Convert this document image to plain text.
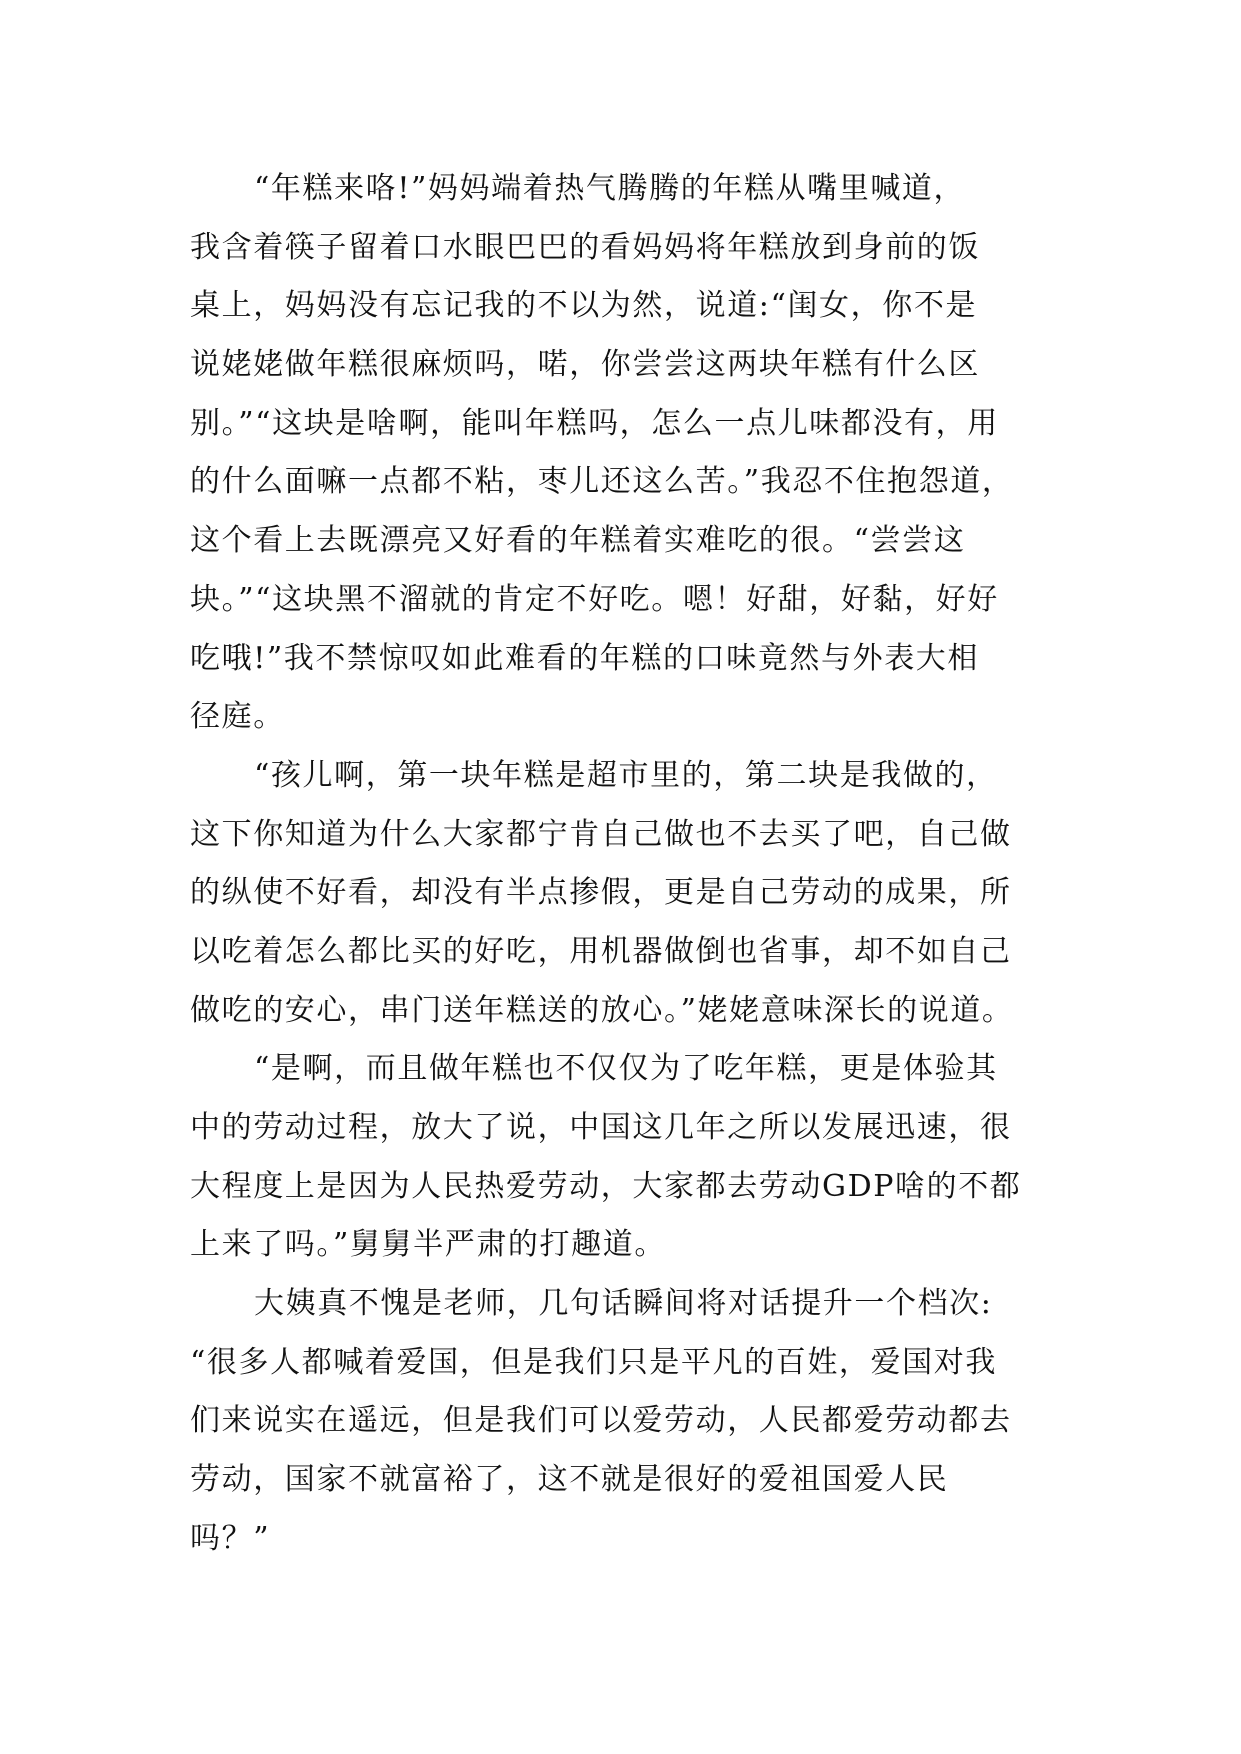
“年糕来咯!”妈妈端着热气腾腾的年糕从嘴里喊道，
我含着筷子留着口水眼巴巴的看妈妈将年糕放到身前的饭
桌上，妈妈没有忘记我的不以为然，说道:“闺女，你不是
说姥姥做年糕很麻烦吗，喏，你尝尝这两块年糕有什么区
别。”“这块是啥啊，能叫年糕吗，怎么一点儿味都没有，用
的什么面嘛一点都不粘，枣儿还这么苦。”我忍不住抱怨道，
这个看上去既漂亮又好看的年糕着实难吃的很。“尝尝这
块。”“这块黑不溜就的肯定不好吃。嗯！好甜，好黏，好好
吃哦!”我不禁惊叹如此难看的年糕的口味竟然与外表大相
径庭。
“孩儿啊，第一块年糕是超市里的，第二块是我做的，
这下你知道为什么大家都宁肯自己做也不去买了吧，自己做
的纵使不好看，却没有半点掺假，更是自己劳动的成果，所
以吃着怎么都比买的好吃，用机器做倒也省事，却不如自己
做吃的安心，串门送年糕送的放心。”姥姥意味深长的说道。
“是啊，而且做年糕也不仅仅为了吃年糕，更是体验其
中的劳动过程，放大了说，中国这几年之所以发展迅速，很
大程度上是因为人民热爱劳动，大家都去劳动GDP啥的不都
上来了吗。”舅舅半严肃的打趣道。
大姨真不愧是老师，几句话瞬间将对话提升一个档次:
“很多人都喊着爱国，但是我们只是平凡的百姓，爱国对我
们来说实在遥远，但是我们可以爱劳动，人民都爱劳动都去
劳动，国家不就富裕了，这不就是很好的爱祖国爱人民
吗？”
